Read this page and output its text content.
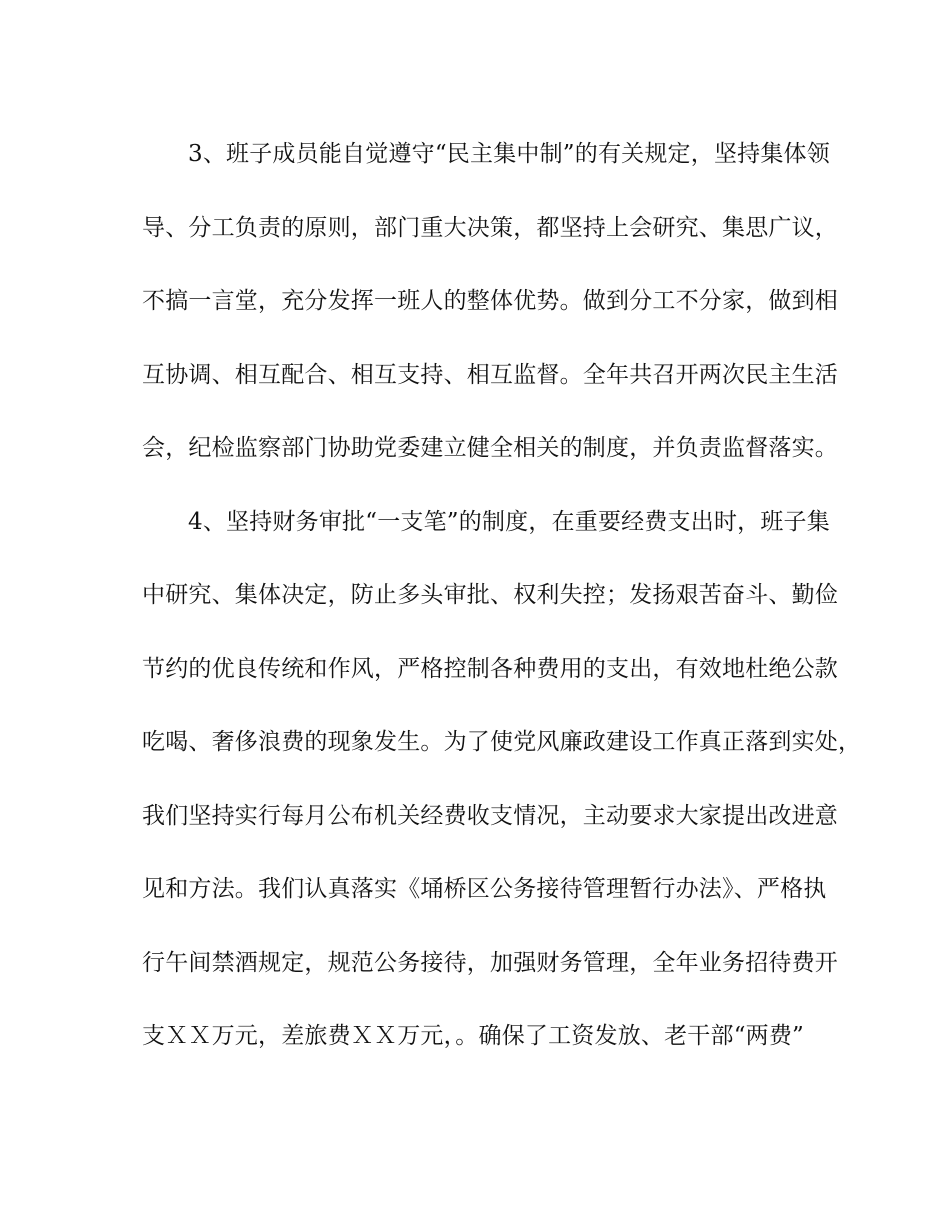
3、班子成员能自觉遵守“民主集中制”的有关规定，坚持集体领
导、分工负责的原则，部门重大决策，都坚持上会研究、集思广议，
不搞一言堂，充分发挥一班人的整体优势。做到分工不分家，做到相
互协调、相互配合、相互支持、相互监督。全年共召开两次民主生活
会，纪检监察部门协助党委建立健全相关的制度，并负责监督落实。
4、坚持财务审批“一支笔”的制度，在重要经费支出时，班子集
中研究、集体决定，防止多头审批、权利失控；发扬艰苦奋斗、勤俭
节约的优良传统和作风，严格控制各种费用的支出，有效地杜绝公款
吃喝、奢侈浪费的现象发生。为了使党风廉政建设工作真正落到实处，
我们坚持实行每月公布机关经费收支情况，主动要求大家提出改进意
见和方法。我们认真落实《埇桥区公务接待管理暂行办法》、严格执
行午间禁酒规定，规范公务接待，加强财务管理，全年业务招待费开
支ＸＸ万元，差旅费ＸＸ万元，。确保了工资发放、老干部“两费”
